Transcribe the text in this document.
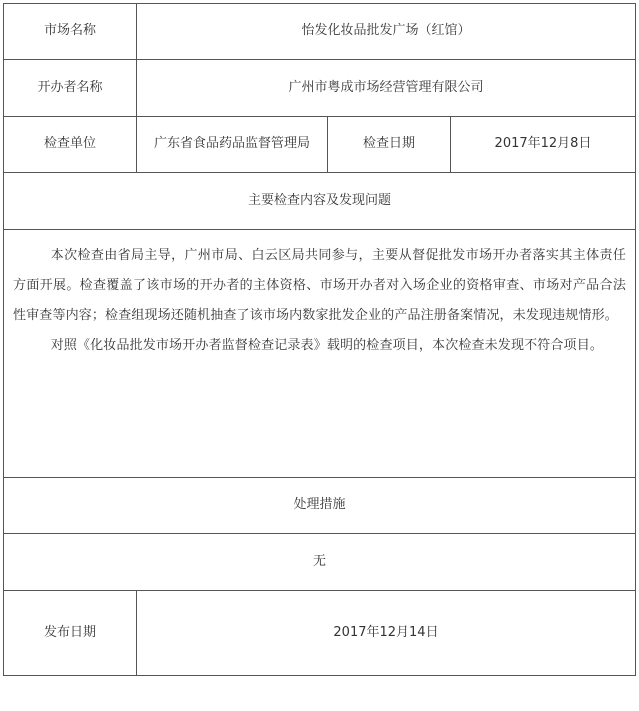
市场名称	怡发化妆品批发广场（红馆）		
开办者名称	广州市粤成市场经营管理有限公司		
检查单位	广东省食品药品监督管理局	检查日期	2017年12月8日
主要检查内容及发现问题			

本次检查由省局主导，广州市局、白云区局共同参与，主要从督促批发市场开办者落实其主体责任方面开展。检查覆盖了该市场的开办者的主体资格、市场开办者对入场企业的资格审查、市场对产品合法性审查等内容；检查组现场还随机抽查了该市场内数家批发企业的产品注册备案情况，未发现违规情形。

对照《化妆品批发市场开办者监督检查记录表》载明的检查项目，本次检查未发现不符合项目。			

处理措施			
无			
发布日期	2017年12月14日		
